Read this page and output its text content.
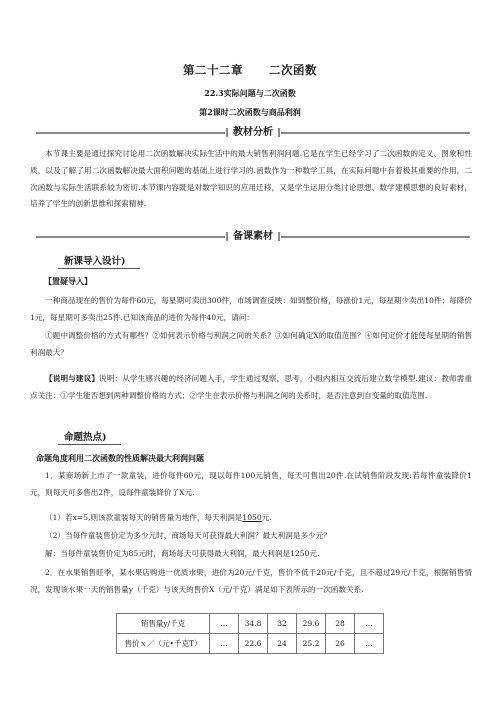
第二十二章 二次函数
22.3实际问题与二次函数
第2课时二次函数与商品利润
教材分析
本节课主要是通过探究讨论用二次函数解决实际生活中的最大销售利润问题.它是在学生已经学习了二次函数的定义、图象和性质，以及了解了用二次函数解决最大面积问题的基础上进行学习的.函数作为一种数学工具，在实际问题中有着极其重要的作用，二次函数与实际生活联系较为密切.本节课内容既是对数学知识的应用迁移，又是学生运用分类讨论思想、数学建模思想的良好素材，培养了学生的创新思维和探索精神.
备课素材
新课导入设计)
【置疑导入】
一种商品现在的售价为每件60元，每星期可卖出300件，市场调查反映：如调整价格，每涨价1元，每星期少卖出10件；每降价1元，每星期可多卖出25件.已知该商品的进价为每件40元，请问：
①题中调整价格的方式有哪些？②如何表示价格与利润之间的关系？③如何确定X的取值范围？④如何定价才能使每星期的销售利润最大？
【说明与建议】说明：从学生感兴趣的经济问题入手，学生通过观察，思考，小组内相互交流后建立数学模型.建议：教师需重点关注：①学生能否想到两种调整价格的方式；②学生在表示价格与利润之间的关系时，是否注意到自变量的取值范围.
命题热点)
命题角度利用二次函数的性质解决最大利润问题
1．某商场新上市了一款童装，进价每件60元，现以每件100元销售，每天可售出20件.在试销售阶段发现:若每件童装降价1元，则每天可多售出2件，设每件童装降价了X元.
（1）若x=5,则该款童装每天的销售量为地件，每天利润是1050元.
（2）当每件童装售价定为多少元时，商场每天可获得最大利润？最大利润是多少元？
解：当每件童装售价定为85元时，商场每天可获得最大利润，最大利润是1250元.
2．在水果销售旺季，某水果店购进一优质水果，进价为20元/千克，售价不低于20元/千克，且不超过29元/千克，根据销售情况，发现该水果一天的销售量y（千克）与该天的售价X（元/千克）满足如下表所示的一次函数关系.
销售量y/千克	…	34.8	32	29.6	28	…
售价ｘ／（元•千克T）	…	22.6	24	25.2	26	…
